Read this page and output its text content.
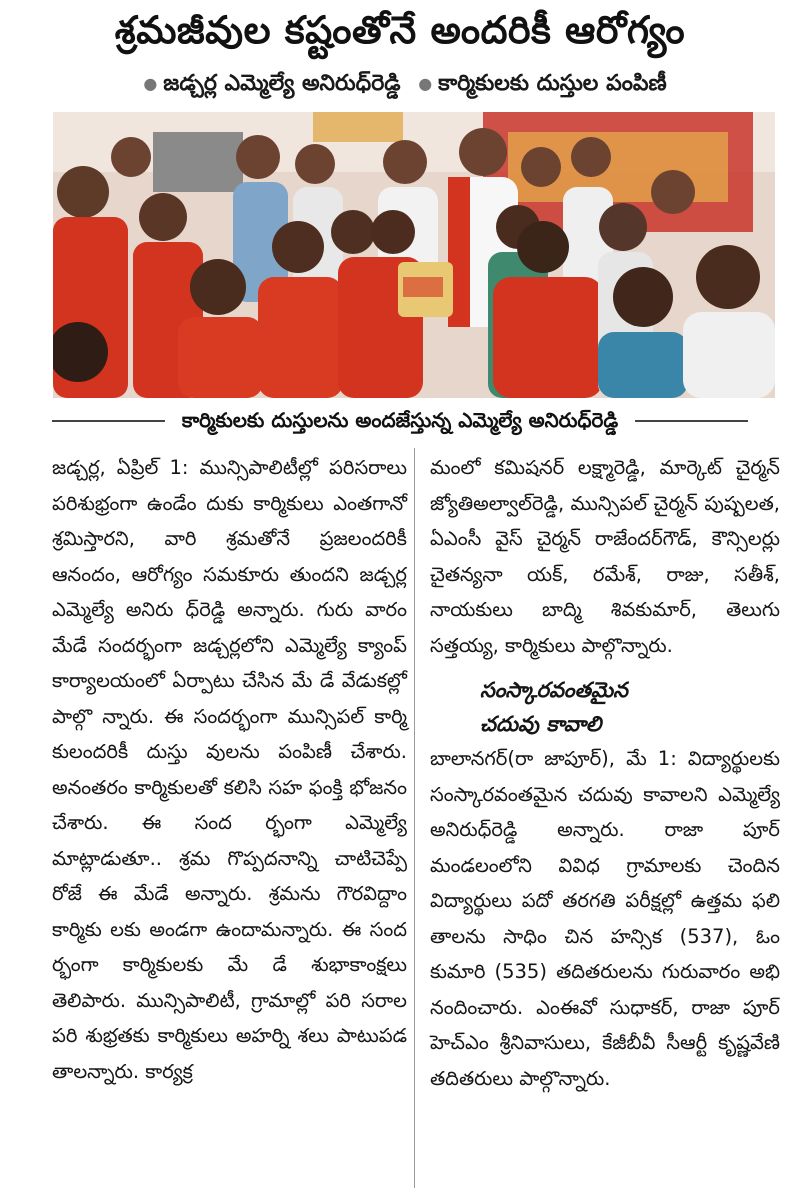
శ్రమజీవుల కష్టంతోనే అందరికీ ఆరోగ్యం
● జడ్చర్ల ఎమ్మెల్యే అనిరుధ్‌రెడ్డి ● కార్మికులకు దుస్తుల పంపిణీ
కార్మికులకు దుస్తులను అందజేస్తున్న ఎమ్మెల్యే అనిరుధ్‌రెడ్డి

జడ్చర్ల, ఏప్రిల్ 1: మున్సిపాలిటీల్లో పరిసరాలు పరిశుభ్రంగా ఉండేం దుకు కార్మికులు ఎంతగానో శ్రమిస్తారని, వారి శ్రమతోనే ప్రజలందరికీ ఆనందం, ఆరోగ్యం సమకూరు తుందని జడ్చర్ల ఎమ్మెల్యే అనిరు ధ్‌రెడ్డి అన్నారు. గురు వారం మేడే సందర్భంగా జడ్చర్లలోని ఎమ్మెల్యే క్యాంప్ కార్యాలయంలో ఏర్పాటు చేసిన మే డే వేడుకల్లో పాల్గొ న్నారు. ఈ సందర్భంగా మున్సిపల్ కార్మి కులందరికీ దుస్తు వులను పంపిణీ చేశారు. అనంతరం కార్మికులతో కలిసి సహ ఫంక్తి భోజనం చేశారు. ఈ సంద ర్భంగా ఎమ్మెల్యే మాట్లాడుతూ.. శ్రమ గొప్పదనాన్ని చాటిచెప్పే రోజే ఈ మేడే అన్నారు. శ్రమను గౌరవిద్దాం కార్మికు లకు అండగా ఉందామన్నారు. ఈ సంద ర్భంగా కార్మికులకు మే డే శుభాకాంక్షలు తెలిపారు. మున్సిపాలిటీ, గ్రామాల్లో పరి సరాల పరి శుభ్రతకు కార్మికులు అహర్ని శలు పాటుపడ తాలన్నారు. కార్యక్ర

మంలో కమిషనర్ లక్ష్మారెడ్డి, మార్కెట్ చైర్మన్ జ్యోతిఅల్వాల్‌రెడ్డి, మున్సిపల్ చైర్మన్ పుష్పలత, ఏఎంసీ వైస్ చైర్మన్ రాజేందర్‌గౌడ్, కౌన్సిలర్లు చైతన్యనా యక్, రమేశ్, రాజు, సతీశ్, నాయకులు బాద్మి శివకుమార్, తెలుగు సత్తయ్య, కార్మికులు పాల్గొన్నారు.

సంస్కారవంతమైన
చదువు కావాలి

బాలానగర్(రా జాపూర్), మే 1: విద్యార్థులకు సంస్కారవంతమైన చదువు కావాలని ఎమ్మెల్యే అనిరుధ్‌రెడ్డి అన్నారు. రాజా పూర్ మండలంలోని వివిధ గ్రామాలకు చెందిన విద్యార్థులు పదో తరగతి పరీక్షల్లో ఉత్తమ ఫలి తాలను సాధిం చిన హన్సిక (537), ఓం కుమారి (535) తదితరులను గురువారం అభి నందించారు. ఎంఈవో సుధాకర్, రాజా పూర్ హెచ్ఎం శ్రీనివాసులు, కేజీబీవీ సీఆర్టీ కృష్ణవేణి తదితరులు పాల్గొన్నారు.
